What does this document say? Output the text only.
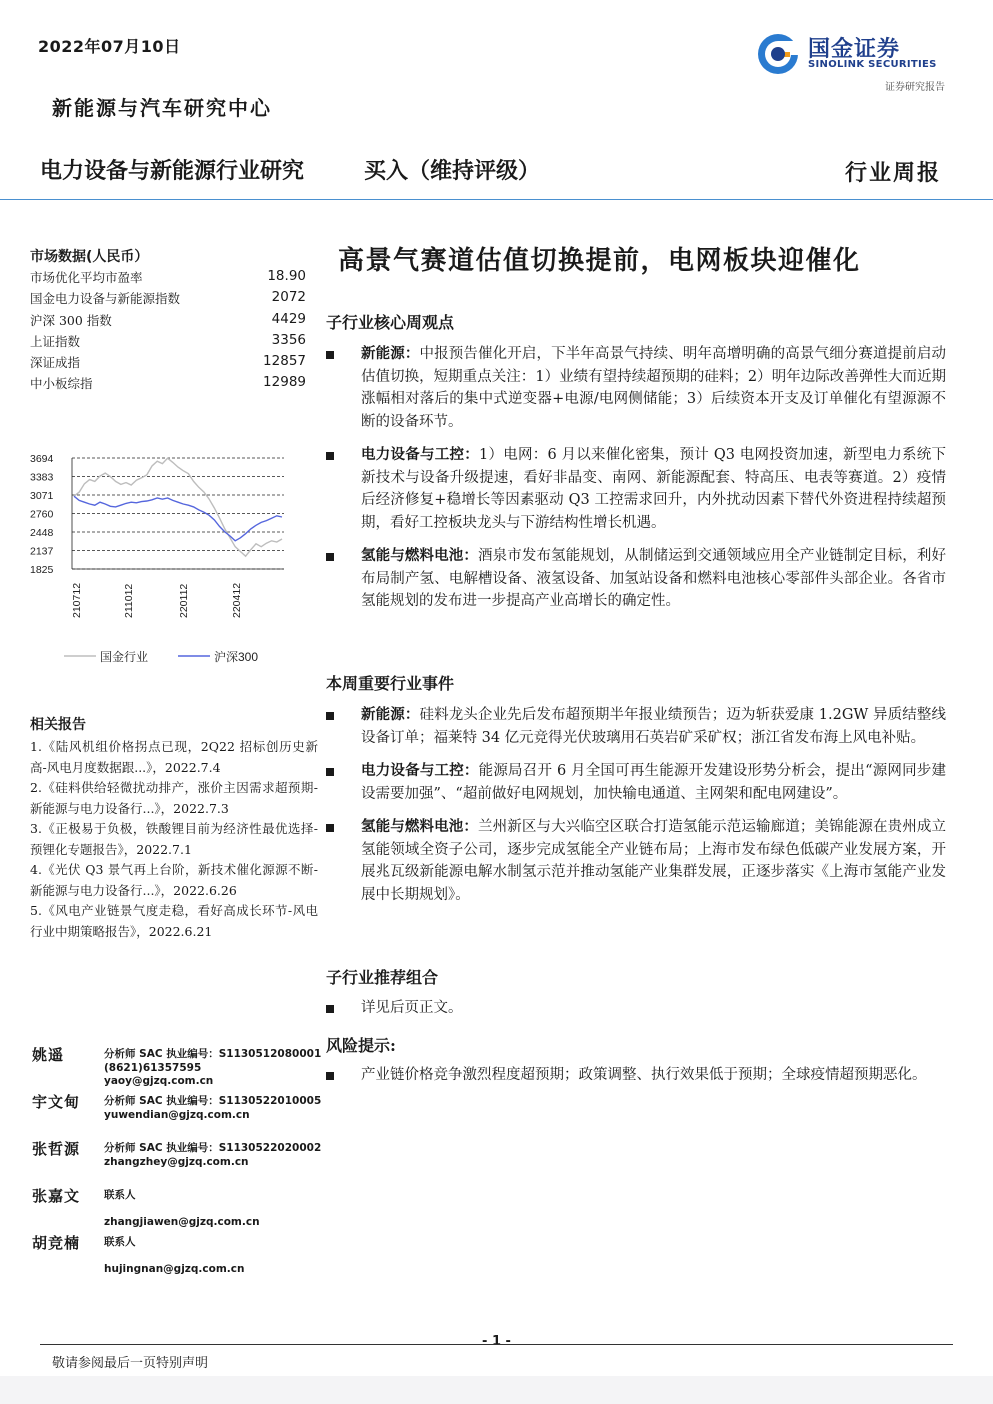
2022年07月10日
新能源与汽车研究中心
国金证券
SINOLINK SECURITIES
证券研究报告
电力设备与新能源行业研究	买入（维持评级）	行业周报
市场数据(人民币）
市场优化平均市盈率	18.90
国金电力设备与新能源指数	2072
沪深 300 指数	4429
上证指数	3356
深证成指	12857
中小板综指	12989
3694
3383
3071
2760
2448
2137
1825
210712	211012	220112	220412
国金行业	沪深300
相关报告
1.《陆风机组价格拐点已现，2Q22 招标创历史新高-风电月度数据跟...》，2022.7.4
2.《硅料供给轻微扰动排产，涨价主因需求超预期-新能源与电力设备行...》，2022.7.3
3.《正极易于负极，铁酸锂目前为经济性最优选择-预锂化专题报告》，2022.7.1
4.《光伏 Q3 景气再上台阶，新技术催化源源不断-新能源与电力设备行...》，2022.6.26
5.《风电产业链景气度走稳，看好高成长环节-风电行业中期策略报告》，2022.6.21
姚遥	分析师 SAC 执业编号：S1130512080001
(8621)61357595
yaoy@gjzq.com.cn
宇文甸 分析师 SAC 执业编号：S1130522010005
yuwendian@gjzq.com.cn
张哲源 分析师 SAC 执业编号：S1130522020002
zhangzhey@gjzq.com.cn
张嘉文 联系人
zhangjiawen@gjzq.com.cn
胡竞楠 联系人
hujingnan@gjzq.com.cn
高景气赛道估值切换提前，电网板块迎催化
子行业核心周观点
新能源：中报预告催化开启，下半年高景气持续、明年高增明确的高景气细分赛道提前启动估值切换，短期重点关注：1）业绩有望持续超预期的硅料；2）明年边际改善弹性大而近期涨幅相对落后的集中式逆变器+电源/电网侧储能；3）后续资本开支及订单催化有望源源不断的设备环节。
电力设备与工控：1）电网：6 月以来催化密集，预计 Q3 电网投资加速，新型电力系统下新技术与设备升级提速，看好非晶变、南网、新能源配套、特高压、电表等赛道。2）疫情后经济修复+稳增长等因素驱动 Q3 工控需求回升，内外扰动因素下替代外资进程持续超预期，看好工控板块龙头与下游结构性增长机遇。
氢能与燃料电池：酒泉市发布氢能规划，从制储运到交通领域应用全产业链制定目标，利好布局制产氢、电解槽设备、液氢设备、加氢站设备和燃料电池核心零部件头部企业。各省市氢能规划的发布进一步提高产业高增长的确定性。
本周重要行业事件
新能源：硅料龙头企业先后发布超预期半年报业绩预告；迈为斩获爱康 1.2GW 异质结整线设备订单；福莱特 34 亿元竞得光伏玻璃用石英岩矿采矿权；浙江省发布海上风电补贴。
电力设备与工控：能源局召开 6 月全国可再生能源开发建设形势分析会，提出“源网同步建设需要加强”、“超前做好电网规划，加快输电通道、主网架和配电网建设”。
氢能与燃料电池：兰州新区与大兴临空区联合打造氢能示范运输廊道；美锦能源在贵州成立氢能领域全资子公司，逐步完成氢能全产业链布局；上海市发布绿色低碳产业发展方案，开展兆瓦级新能源电解水制氢示范并推动氢能产业集群发展，正逐步落实《上海市氢能产业发展中长期规划》。
子行业推荐组合
详见后页正文。
风险提示:
产业链价格竞争激烈程度超预期；政策调整、执行效果低于预期；全球疫情超预期恶化。
- 1 -
敬请参阅最后一页特别声明
